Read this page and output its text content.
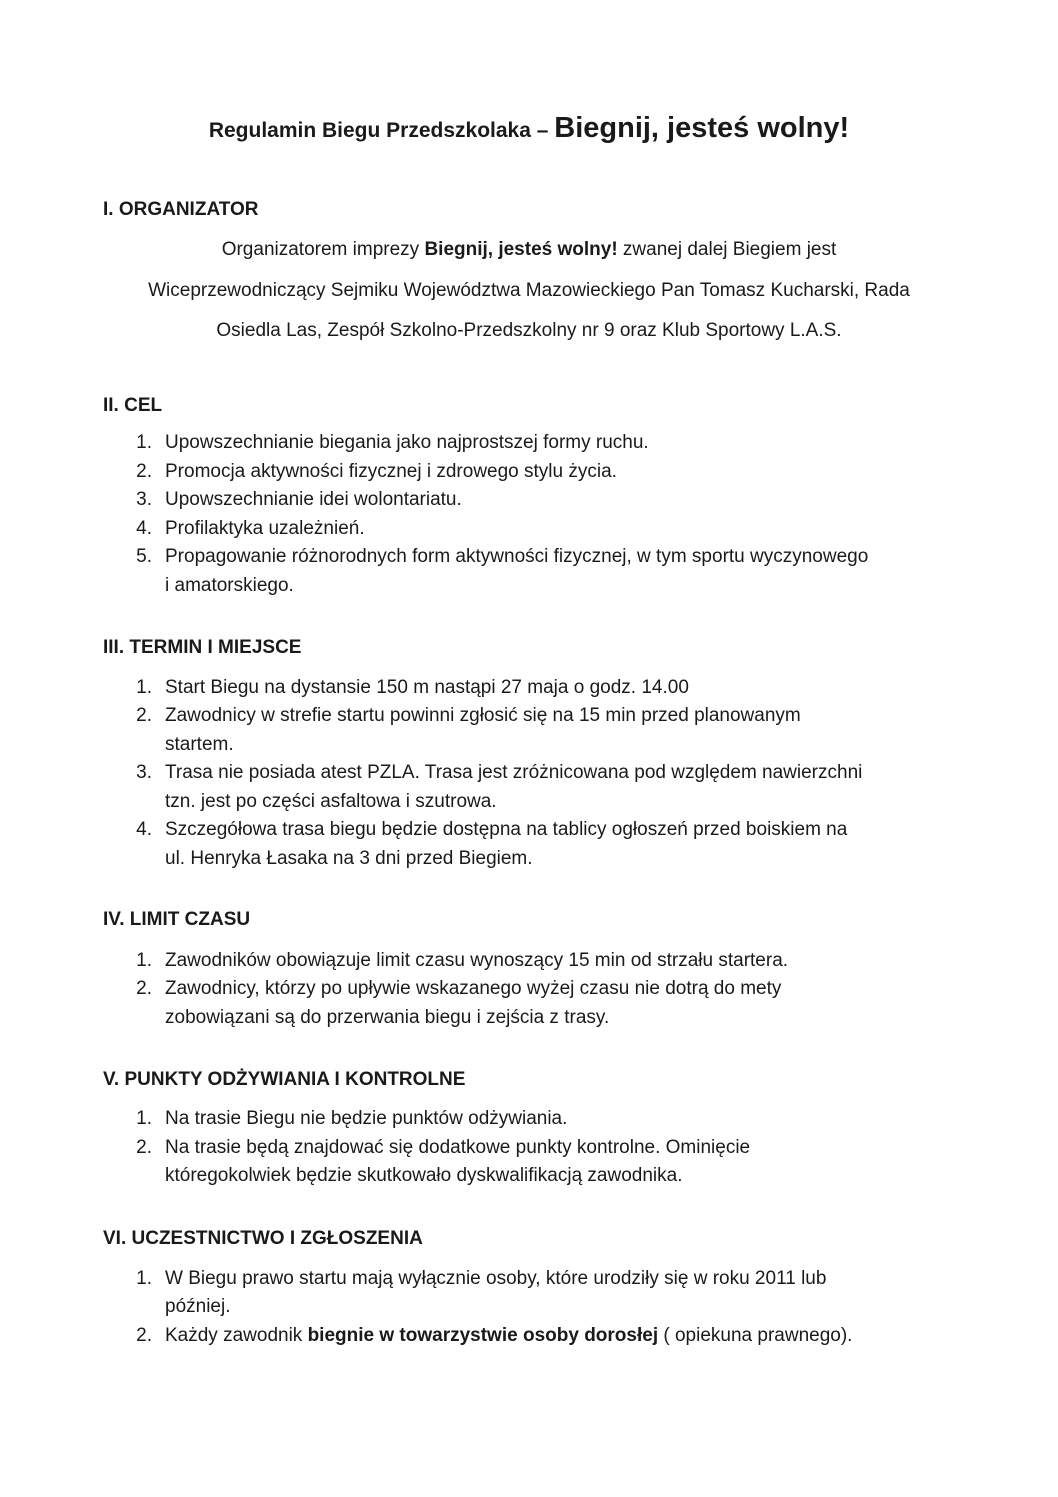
Regulamin Biegu Przedszkolaka – Biegnij, jesteś wolny!
I. ORGANIZATOR
Organizatorem imprezy Biegnij, jesteś wolny! zwanej dalej Biegiem jest
Wiceprzewodniczący Sejmiku Województwa Mazowieckiego Pan Tomasz Kucharski, Rada
Osiedla Las, Zespół Szkolno-Przedszkolny nr 9 oraz Klub Sportowy L.A.S.
II. CEL
1. Upowszechnianie biegania jako najprostszej formy ruchu.
2. Promocja aktywności fizycznej i zdrowego stylu życia.
3. Upowszechnianie idei wolontariatu.
4. Profilaktyka uzależnień.
5. Propagowanie różnorodnych form aktywności fizycznej, w tym sportu wyczynowego
i amatorskiego.
III. TERMIN I MIEJSCE
1. Start Biegu na dystansie 150 m nastąpi 27 maja o godz. 14.00
2. Zawodnicy w strefie startu powinni zgłosić się na 15 min przed planowanym
startem.
3. Trasa nie posiada atest PZLA. Trasa jest zróżnicowana pod względem nawierzchni
tzn. jest po części asfaltowa i szutrowa.
4. Szczegółowa trasa biegu będzie dostępna na tablicy ogłoszeń przed boiskiem na
ul. Henryka Łasaka na 3 dni przed Biegiem.
IV. LIMIT CZASU
1. Zawodników obowiązuje limit czasu wynoszący 15 min od strzału startera.
2. Zawodnicy, którzy po upływie wskazanego wyżej czasu nie dotrą do mety
zobowiązani są do przerwania biegu i zejścia z trasy.
V. PUNKTY ODŻYWIANIA I KONTROLNE
1. Na trasie Biegu nie będzie punktów odżywiania.
2. Na trasie będą znajdować się dodatkowe punkty kontrolne. Ominięcie
któregokolwiek będzie skutkowało dyskwalifikacją zawodnika.
VI. UCZESTNICTWO I ZGŁOSZENIA
1. W Biegu prawo startu mają wyłącznie osoby, które urodziły się w roku 2011 lub
później.
2. Każdy zawodnik biegnie w towarzystwie osoby dorosłej ( opiekuna prawnego).
